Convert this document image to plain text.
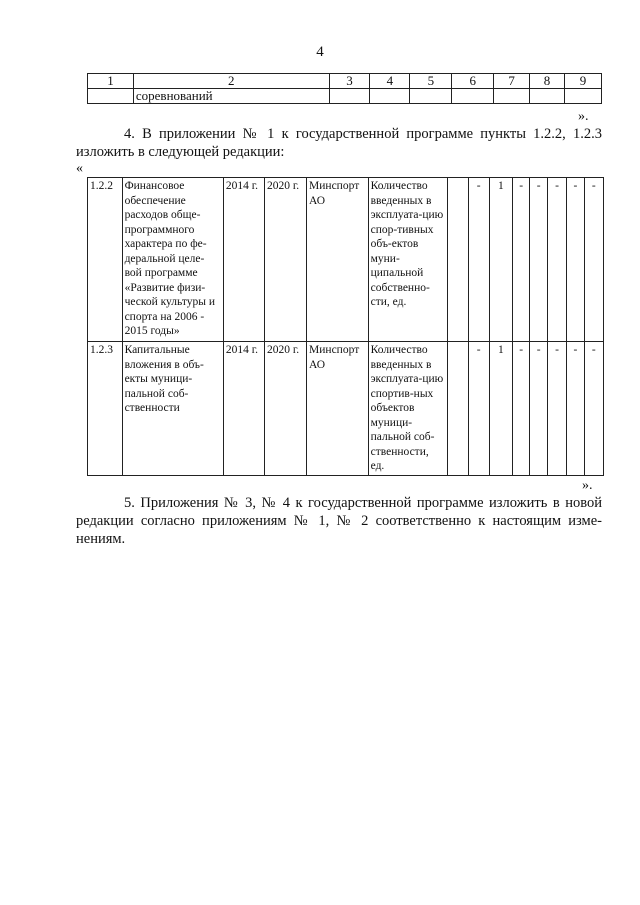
4
1	2	3	4	5	6	7	8	9
	соревнований							
».
4. В приложении № 1 к государственной программе пункты 1.2.2, 1.2.3 изложить в следующей редакции:
«
1.2.2	Финансовое обеспечение расходов обще-программного характера по фе-деральной целе-вой программе «Развитие физи-ческой культуры и спорта на 2006 - 2015 годы»	2014 г.	2020 г.	Минспорт АО	Количество введенных в эксплуата-цию спор-тивных объ-ектов муни-ципальной собственно-сти, ед.		-	1	-	-	-	-	-
1.2.3	Капитальные вложения в объ-екты муници-пальной соб-ственности	2014 г.	2020 г.	Минспорт АО	Количество введенных в эксплуата-цию спортив-ных объектов муници-пальной соб-ственности, ед.		-	1	-	-	-	-	-
».
5. Приложения № 3, № 4 к государственной программе изложить в новой редакции согласно приложениям № 1, № 2 соответственно к настоящим изме-нениям.
